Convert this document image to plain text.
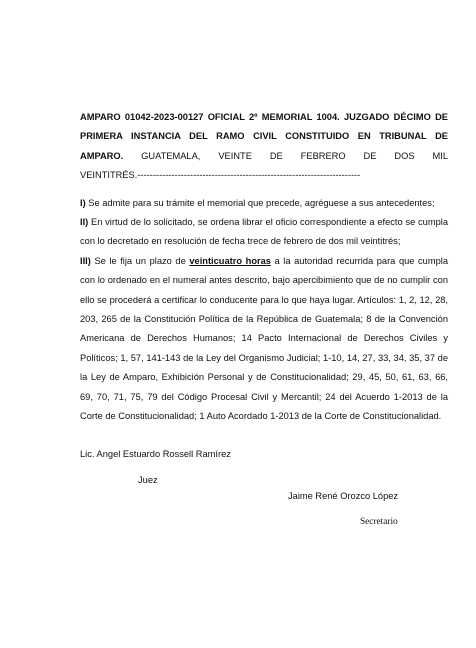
AMPARO 01042-2023-00127 OFICIAL 2º MEMORIAL 1004. JUZGADO DÉCIMO DE

PRIMERA INSTANCIA DEL RAMO CIVIL CONSTITUIDO EN TRIBUNAL DE

AMPARO. GUATEMALA, VEINTE DE FEBRERO DE DOS MIL

VEINTITRÉS.------------------------------------------------------------------------

I) Se admite para su trámite el memorial que precede, agréguese a sus antecedentes;

II) En virtud de lo solicitado, se ordena librar el oficio correspondiente a efecto se cumpla con lo decretado en resolución de fecha trece de febrero de dos mil veintitrés;

III) Se le fija un plazo de veinticuatro horas a la autoridad recurrida para que cumpla con lo ordenado en el numeral antes descrito, bajo apercibimiento que de no cumplir con ello se procederá a certificar lo conducente para lo que haya lugar. Artículos: 1, 2, 12, 28, 203, 265 de la Constitución Política de la República de Guatemala; 8 de la Convención Americana de Derechos Humanos; 14 Pacto Internacional de Derechos Civiles y Políticos; 1, 57, 141-143 de la Ley del Organismo Judicial; 1-10, 14, 27, 33, 34, 35, 37 de la Ley de Amparo, Exhibición Personal y de Constitucionalidad; 29, 45, 50, 61, 63, 66, 69, 70, 71, 75, 79 del Código Procesal Civil y Mercantil; 24 del Acuerdo 1-2013 de la Corte de Constitucionalidad; 1 Auto Acordado 1-2013 de la Corte de Constitucionalidad.

Lic. Angel Estuardo Rossell Ramírez
Juez
Jaime René Orozco López
Secretario
